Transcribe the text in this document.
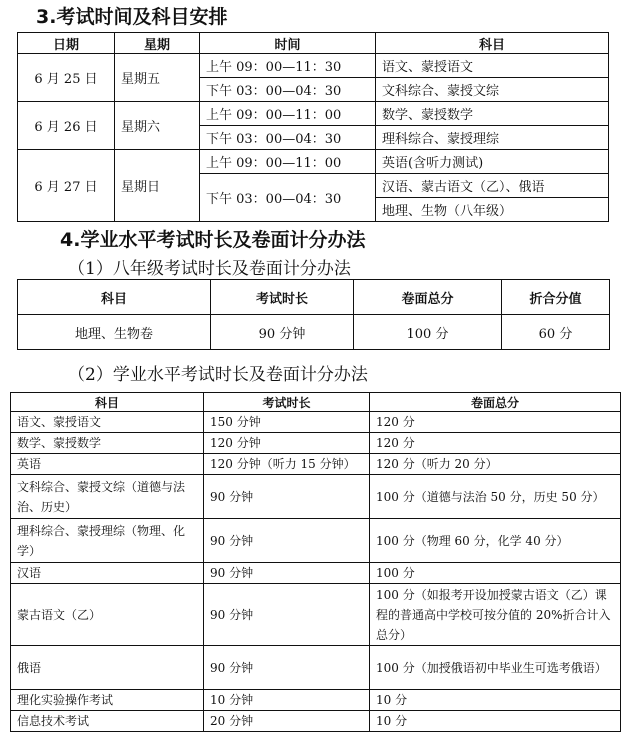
3.考试时间及科目安排
日期	星期	时间	科目
6 月 25 日	星期五	上午 09：00—11：30	语文、蒙授语文
		下午 03：00—04：30	文科综合、蒙授文综
6 月 26 日	星期六	上午 09：00—11：00	数学、蒙授数学
		下午 03：00—04：30	理科综合、蒙授理综
6 月 27 日	星期日	上午 09：00—11：00	英语(含听力测试)
		下午 03：00—04：30	汉语、蒙古语文（乙）、俄语
			地理、生物（八年级）
4.学业水平考试时长及卷面计分办法
（1）八年级考试时长及卷面计分办法
科目	考试时长	卷面总分	折合分值
地理、生物卷	90 分钟	100 分	60 分
（2）学业水平考试时长及卷面计分办法
科目	考试时长	卷面总分
语文、蒙授语文	150 分钟	120 分
数学、蒙授数学	120 分钟	120 分
英语	120 分钟（听力 15 分钟）	120 分（听力 20 分）
文科综合、蒙授文综（道德与法治、历史）	90 分钟	100 分（道德与法治 50 分，历史 50 分）
理科综合、蒙授理综（物理、化学）	90 分钟	100 分（物理 60 分，化学 40 分）
汉语	90 分钟	100 分
蒙古语文（乙）	90 分钟	100 分（如报考开设加授蒙古语文（乙）课程的普通高中学校可按分值的 20%折合计入总分）
俄语	90 分钟	100 分（加授俄语初中毕业生可选考俄语）
理化实验操作考试	10 分钟	10 分
信息技术考试	20 分钟	10 分
